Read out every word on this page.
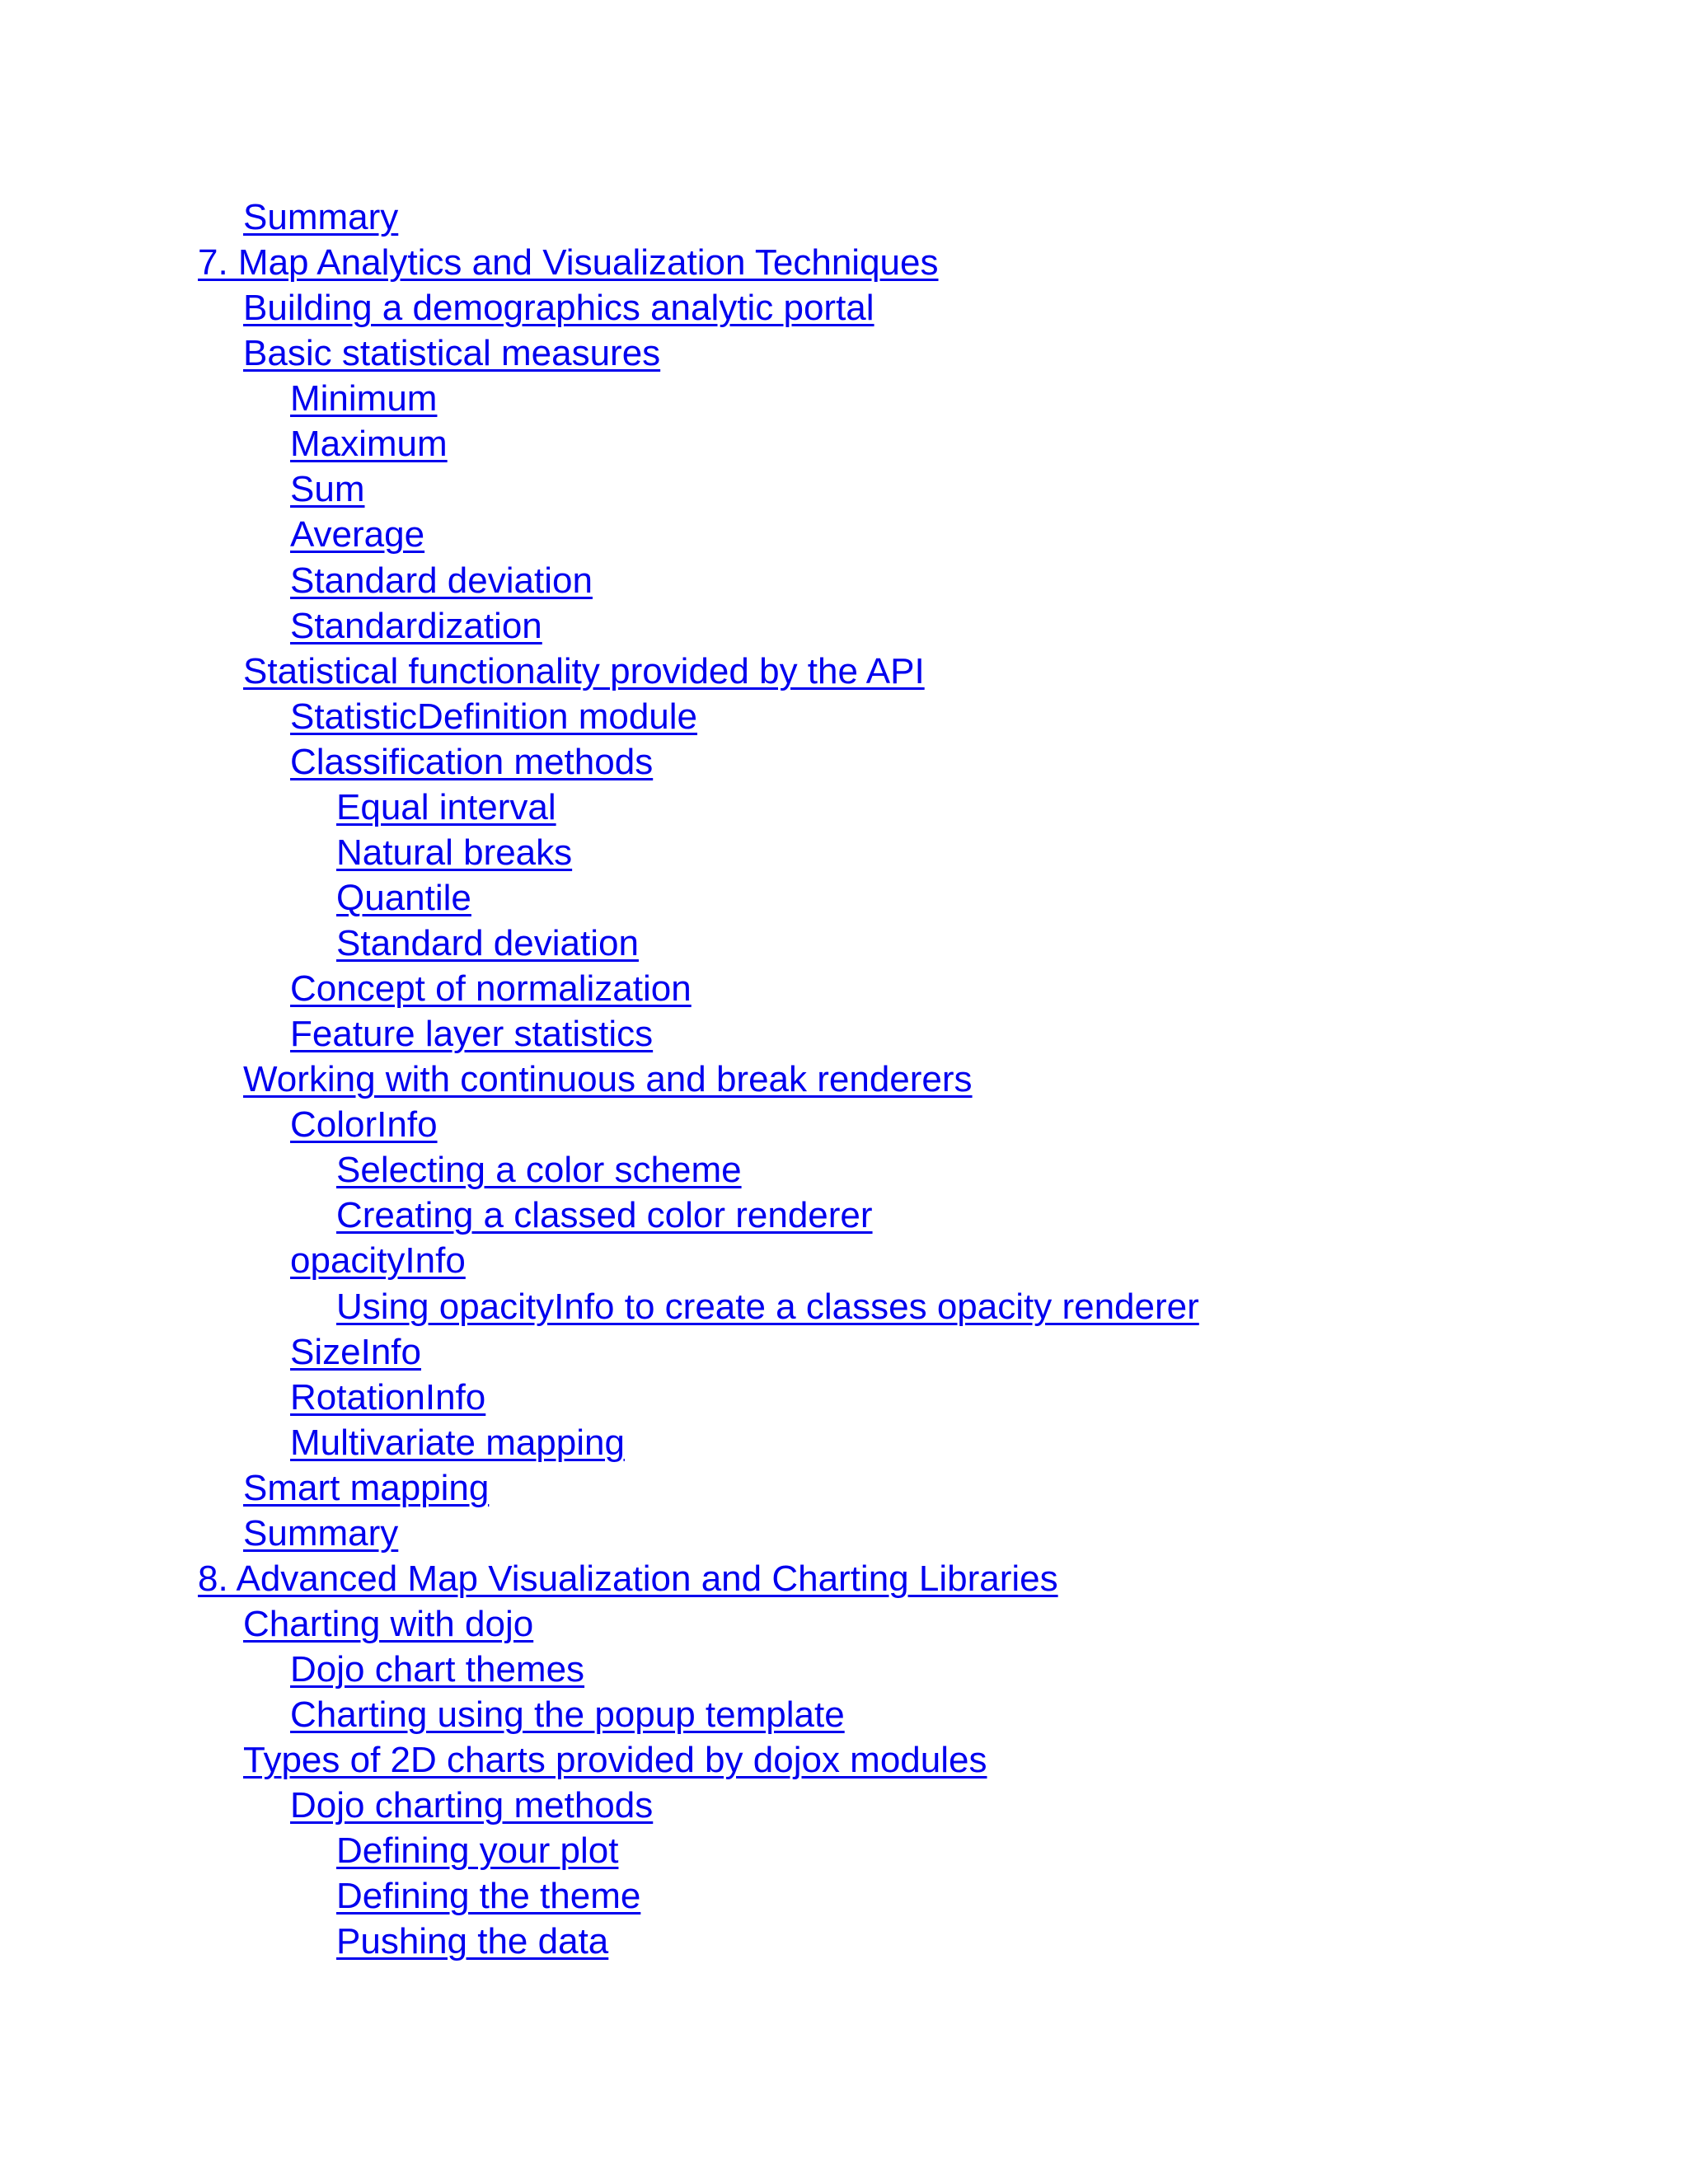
Summary
7. Map Analytics and Visualization Techniques
Building a demographics analytic portal
Basic statistical measures
Minimum
Maximum
Sum
Average
Standard deviation
Standardization
Statistical functionality provided by the API
StatisticDefinition module
Classification methods
Equal interval
Natural breaks
Quantile
Standard deviation
Concept of normalization
Feature layer statistics
Working with continuous and break renderers
ColorInfo
Selecting a color scheme
Creating a classed color renderer
opacityInfo
Using opacityInfo to create a classes opacity renderer
SizeInfo
RotationInfo
Multivariate mapping
Smart mapping
Summary
8. Advanced Map Visualization and Charting Libraries
Charting with dojo
Dojo chart themes
Charting using the popup template
Types of 2D charts provided by dojox modules
Dojo charting methods
Defining your plot
Defining the theme
Pushing the data
